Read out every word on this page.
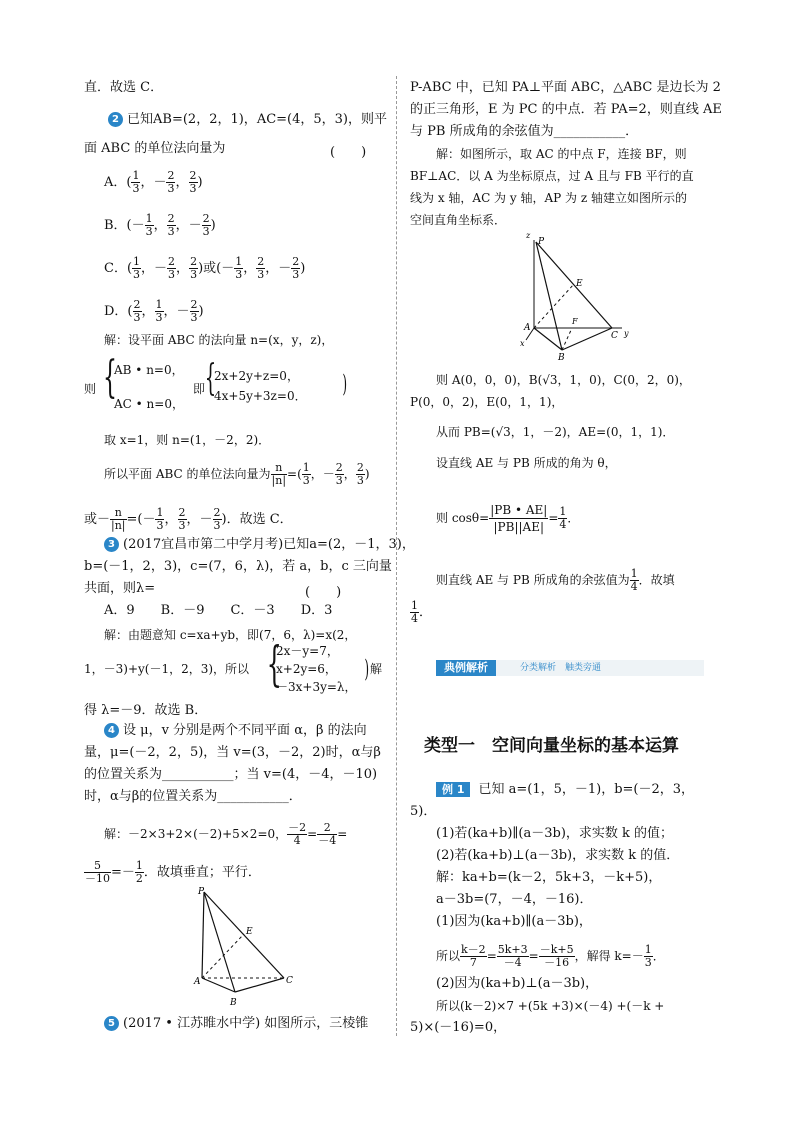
直．故选 C．
2 已知AB=(2，2，1)，AC=(4，5，3)，则平
面 ABC 的单位法向量为	(　　)
A．( $\frac{1}{3}$ ，－ $\frac{2}{3}$ ， $\frac{2}{3}$ )
B．(－ $\frac{1}{3}$ ， $\frac{2}{3}$ ，－ $\frac{2}{3}$ )
C．( $\frac{1}{3}$ ，－ $\frac{2}{3}$ ， $\frac{2}{3}$ )或(－ $\frac{1}{3}$ ， $\frac{2}{3}$ ，－ $\frac{2}{3}$ )
D．( $\frac{2}{3}$ ， $\frac{1}{3}$ ，－ $\frac{2}{3}$ )
解：设平面 ABC 的法向量 n=(x，y，z)，
则 {
AB • n=0，
AC • n=0，
即 {
2x+2y+z=0，
4x+5y+3z=0． )
取 x=1，则 n=(1，－2，2)．
所以平面 ABC 的单位法向量为 $\frac{n}{|n|}$ =( $\frac{1}{3}$ ，－ $\frac{2}{3}$ ， $\frac{2}{3}$ )
或－ $\frac{n}{|n|}$ =(－ $\frac{1}{3}$ ， $\frac{2}{3}$ ，－ $\frac{2}{3}$ )．故选 C．
3 (2017宜昌市第二中学月考)已知a=(2，－1，3)，
b=(－1，2，3)，c=(7，6，λ)，若 a，b，c 三向量
共面，则λ=	(　　)
A．9　　B．－9　　C．－3　　D．3
解：由题意知 c=xa+yb，即(7，6，λ)=x(2，
1，－3)+y(－1，2，3)，所以 {
2x－y=7，
x+2y=6，
－3x+3y=λ，
) 解
得 λ=－9．故选 B．
4 设 μ，v 分别是两个不同平面 α，β 的法向
量，μ=(－2，2，5)，当 v=(3，－2，2)时，α与β
的位置关系为___________；当 v=(4，－4，－10)
时，α与β的位置关系为___________．
解：－2×3+2×(－2)+5×2=0， $\frac{-2}{4} = \frac{2}{-4}$ =
$\frac{5}{-10} =- \frac{1}{2}$ ．故填垂直；平行．
P
E
A	C
B
5 (2017 • 江苏睢水中学) 如图所示，三棱锥
P-ABC 中，已知 PA⊥平面 ABC，△ABC 是边长为 2
的正三角形，E 为 PC 的中点．若 PA=2，则直线 AE
与 PB 所成角的余弦值为___________．
解：如图所示，取 AC 的中点 F，连接 BF，则
BF⊥AC．以 A 为坐标原点，过 A 且与 FB 平行的直
线为 x 轴，AC 为 y 轴，AP 为 z 轴建立如图所示的
空间直角坐标系．
z
P
E
F
A
C y
x
B
则 A(0，0，0)，B(√3，1，0)，C(0，2，0)，
P(0，0，2)，E(0，1，1)，
从而 PB=(√3，1，－2)，AE=(0，1，1)．
设直线 AE 与 PB 所成的角为 θ，
则 $\cos\theta= \frac{|PB • AE|}{|PB||AE|} = \frac{1}{4}$ ．
则直线 AE 与 PB 所成角的余弦值为 $\frac{1}{4}$ ．故填
$\frac{1}{4}$ ．
典例解析	分类解析　触类旁通
类型一　空间向量坐标的基本运算
例 1 已知 a=(1，5，－1)，b=(－2，3，
5)．
(1)若(ka+b)∥(a－3b)，求实数 k 的值；
(2)若(ka+b)⊥(a－3b)，求实数 k 的值．
解：ka+b=(k－2，5k+3，－k+5)，
a－3b=(7，－4，－16)．
(1)因为(ka+b)∥(a－3b)，
所以 $\frac{k-2}{7} = \frac{5k+3}{-4} = \frac{-k+5}{-16}$ ，解得 $k=- \frac{1}{3}$ ．
(2)因为(ka+b)⊥(a－3b)，
所以(k－2)×7 +(5k +3)×(－4) +(－k +
5)×(－16)=0，
